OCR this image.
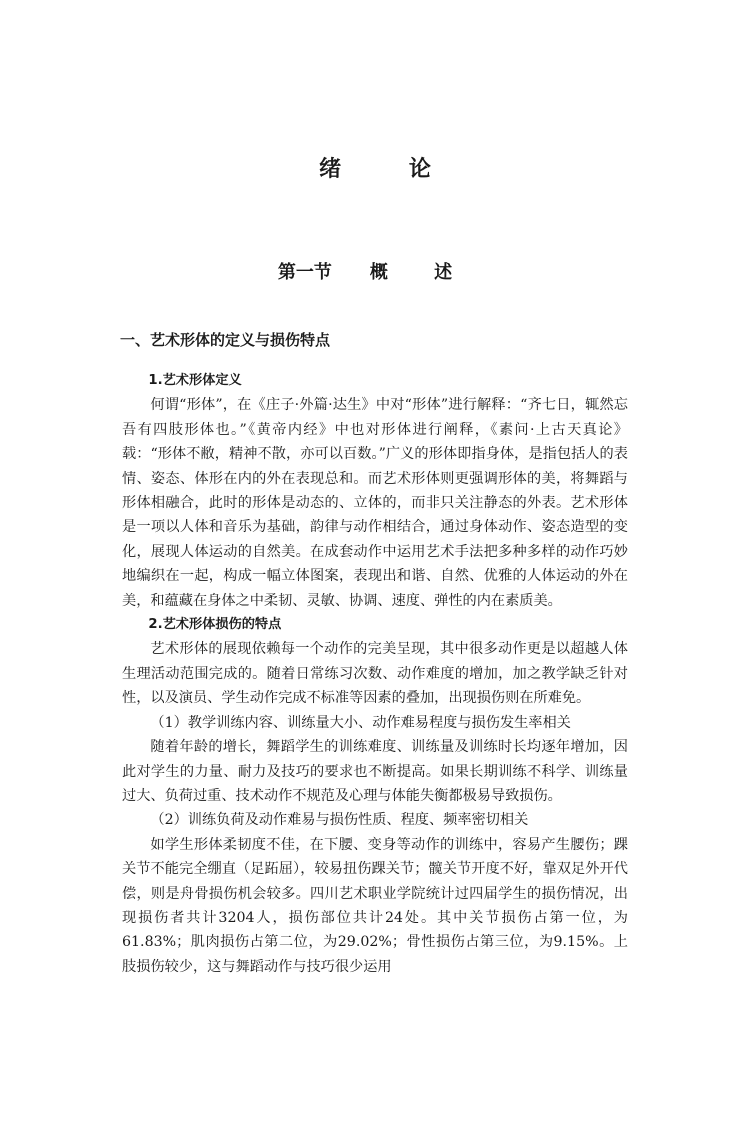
绪 论
第一节 概 述
一、艺术形体的定义与损伤特点

1.艺术形体定义

何谓“形体”，在《庄子·外篇·达生》中对“形体”进行解释：“齐七日，辄然忘吾有四肢形体也。”《黄帝内经》中也对形体进行阐释，《素问·上古天真论》载：“形体不敝，精神不散，亦可以百数。”广义的形体即指身体，是指包括人的表情、姿态、体形在内的外在表现总和。而艺术形体则更强调形体的美，将舞蹈与形体相融合，此时的形体是动态的、立体的，而非只关注静态的外表。艺术形体是一项以人体和音乐为基础，韵律与动作相结合，通过身体动作、姿态造型的变化，展现人体运动的自然美。在成套动作中运用艺术手法把多种多样的动作巧妙地编织在一起，构成一幅立体图案，表现出和谐、自然、优雅的人体运动的外在美，和蕴藏在身体之中柔韧、灵敏、协调、速度、弹性的内在素质美。

2.艺术形体损伤的特点

艺术形体的展现依赖每一个动作的完美呈现，其中很多动作更是以超越人体生理活动范围完成的。随着日常练习次数、动作难度的增加，加之教学缺乏针对性，以及演员、学生动作完成不标准等因素的叠加，出现损伤则在所难免。

（1）教学训练内容、训练量大小、动作难易程度与损伤发生率相关

随着年龄的增长，舞蹈学生的训练难度、训练量及训练时长均逐年增加，因此对学生的力量、耐力及技巧的要求也不断提高。如果长期训练不科学、训练量过大、负荷过重、技术动作不规范及心理与体能失衡都极易导致损伤。

（2）训练负荷及动作难易与损伤性质、程度、频率密切相关

如学生形体柔韧度不佳，在下腰、变身等动作的训练中，容易产生腰伤；踝关节不能完全绷直（足跖屈），较易扭伤踝关节；髋关节开度不好，靠双足外开代偿，则是舟骨损伤机会较多。四川艺术职业学院统计过四届学生的损伤情况，出现损伤者共计3204人，损伤部位共计24处。其中关节损伤占第一位，为61.83%；肌肉损伤占第二位，为29.02%；骨性损伤占第三位，为9.15%。上肢损伤较少，这与舞蹈动作与技巧很少运用
